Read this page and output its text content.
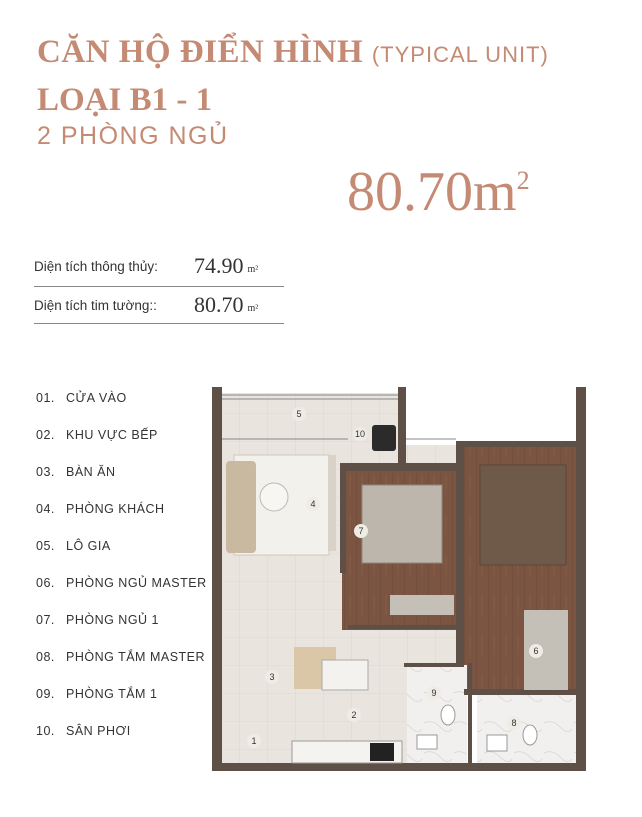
CĂN HỘ ĐIỂN HÌNH (TYPICAL UNIT)
LOẠI B1 - 1
2 PHÒNG NGỦ
$80.70m^2$
Diện tích thông thủy:	74.90 m²
Diện tích tim tường::	80.70 m²
01. CỬA VÀO
02. KHU VỰC BẾP
03. BÀN ĂN
04. PHÒNG KHÁCH
05. LÔ GIA
06. PHÒNG NGỦ MASTER
07. PHÒNG NGỦ 1
08. PHÒNG TẮM MASTER
09. PHÒNG TẮM 1
10. SÂN PHƠI
1
2
3
4
5
6
7
8
9
10
